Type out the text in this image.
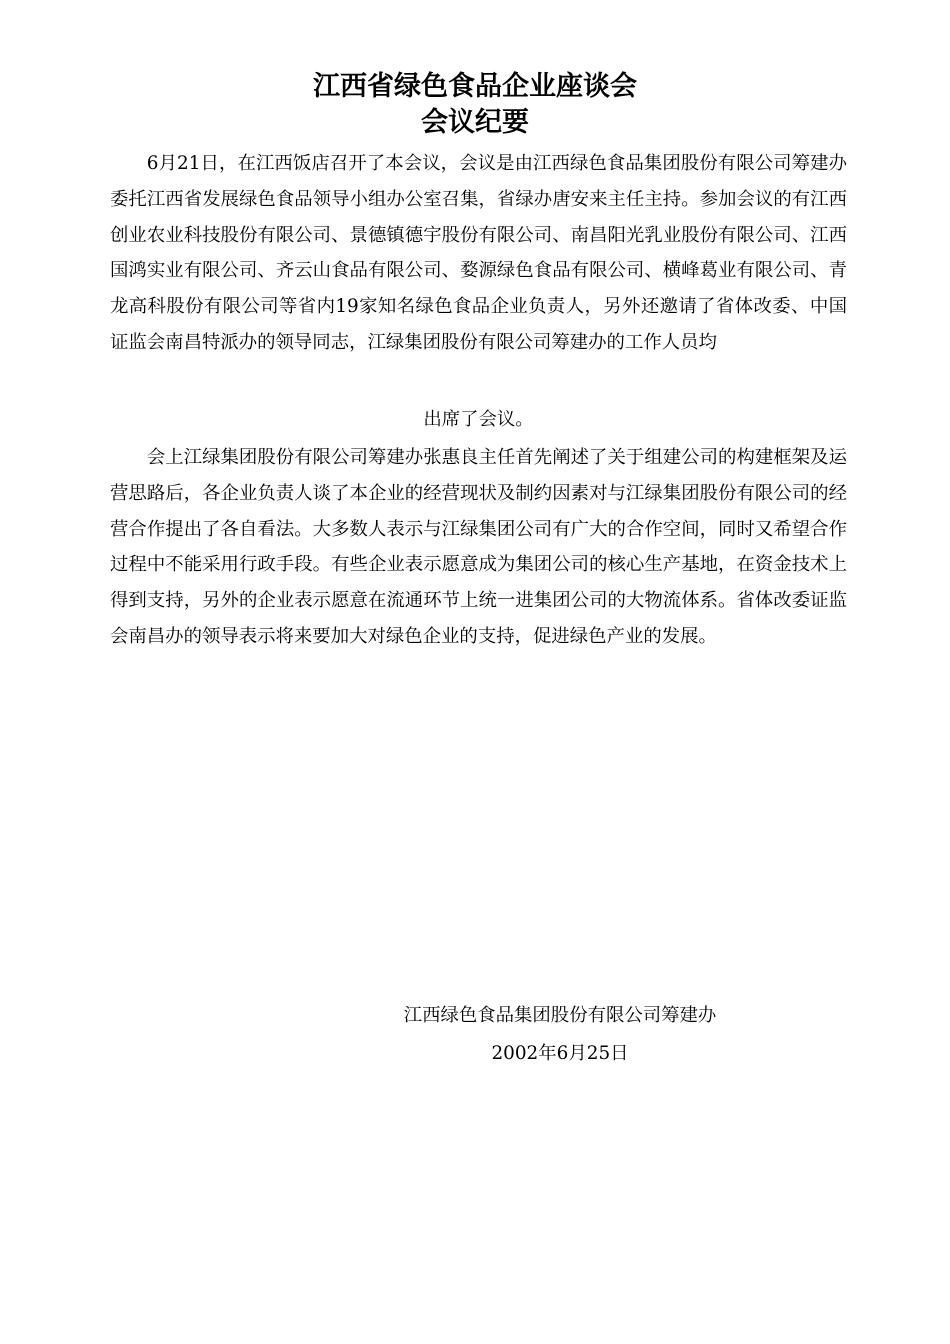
江西省绿色食品企业座谈会
会议纪要

6月21日，在江西饭店召开了本会议，会议是由江西绿色食品集团股份有限公司筹建办委托江西省发展绿色食品领导小组办公室召集，省绿办唐安来主任主持。参加会议的有江西创业农业科技股份有限公司、景德镇德宇股份有限公司、南昌阳光乳业股份有限公司、江西国鸿实业有限公司、齐云山食品有限公司、婺源绿色食品有限公司、横峰葛业有限公司、青龙高科股份有限公司等省内19家知名绿色食品企业负责人，另外还邀请了省体改委、中国证监会南昌特派办的领导同志，江绿集团股份有限公司筹建办的工作人员均

出席了会议。

会上江绿集团股份有限公司筹建办张惠良主任首先阐述了关于组建公司的构建框架及运营思路后，各企业负责人谈了本企业的经营现状及制约因素对与江绿集团股份有限公司的经营合作提出了各自看法。大多数人表示与江绿集团公司有广大的合作空间，同时又希望合作过程中不能采用行政手段。有些企业表示愿意成为集团公司的核心生产基地，在资金技术上得到支持，另外的企业表示愿意在流通环节上统一进集团公司的大物流体系。省体改委证监会南昌办的领导表示将来要加大对绿色企业的支持，促进绿色产业的发展。

江西绿色食品集团股份有限公司筹建办

2002年6月25日
